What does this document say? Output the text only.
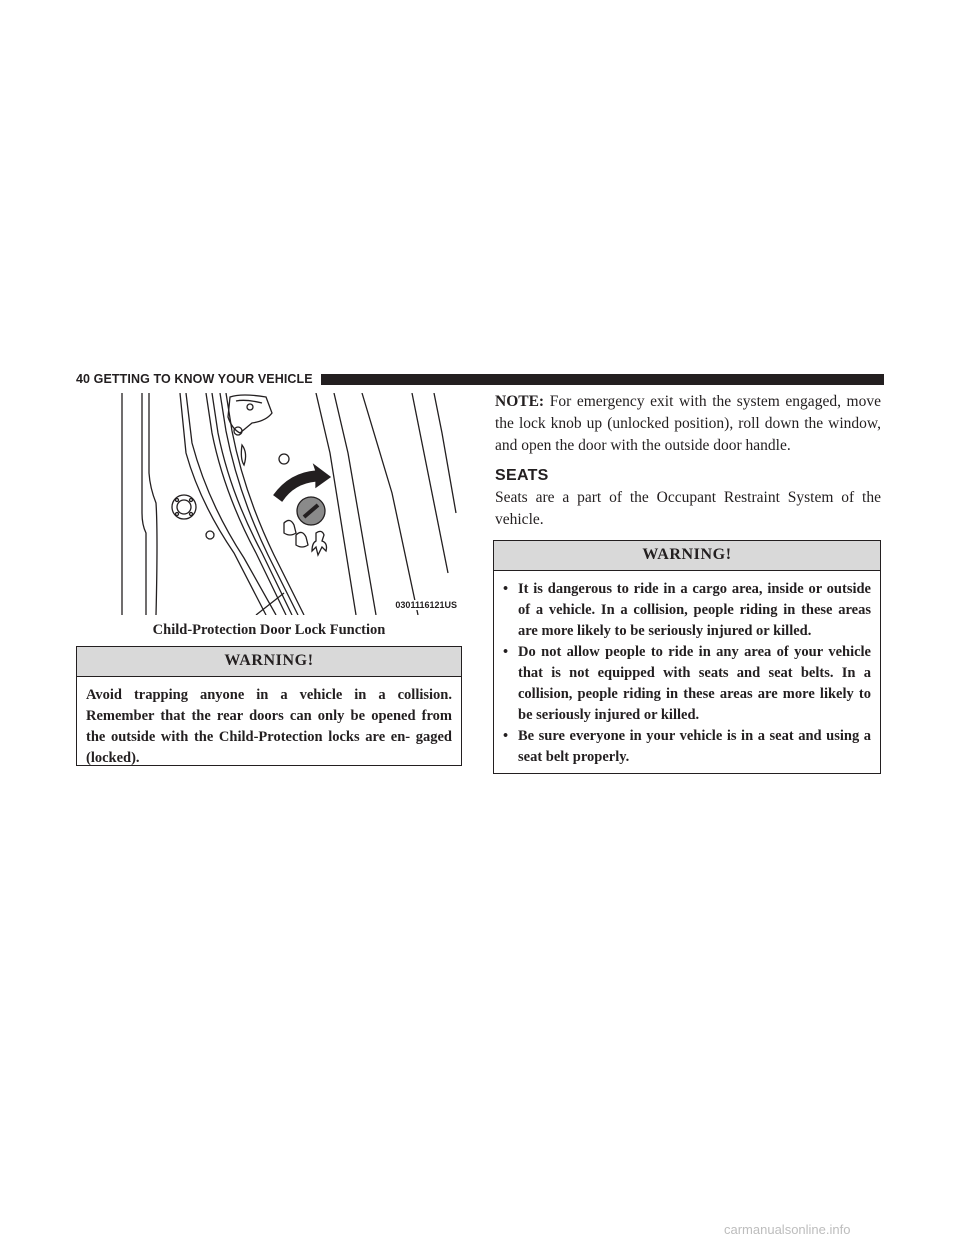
40 GETTING TO KNOW YOUR VEHICLE
0301116121US
Child-Protection Door Lock Function
WARNING!
Avoid trapping anyone in a vehicle in a collision. Remember that the rear doors can only be opened from the outside with the Child-Protection locks are en- gaged (locked).
NOTE: For emergency exit with the system engaged, move the lock knob up (unlocked position), roll down the window, and open the door with the outside door handle.
SEATS
Seats are a part of the Occupant Restraint System of the vehicle.
WARNING!
• It is dangerous to ride in a cargo area, inside or outside of a vehicle. In a collision, people riding in these areas are more likely to be seriously injured or killed.
• Do not allow people to ride in any area of your vehicle that is not equipped with seats and seat belts. In a collision, people riding in these areas are more likely to be seriously injured or killed.
• Be sure everyone in your vehicle is in a seat and using a seat belt properly.
carmanualsonline.info
